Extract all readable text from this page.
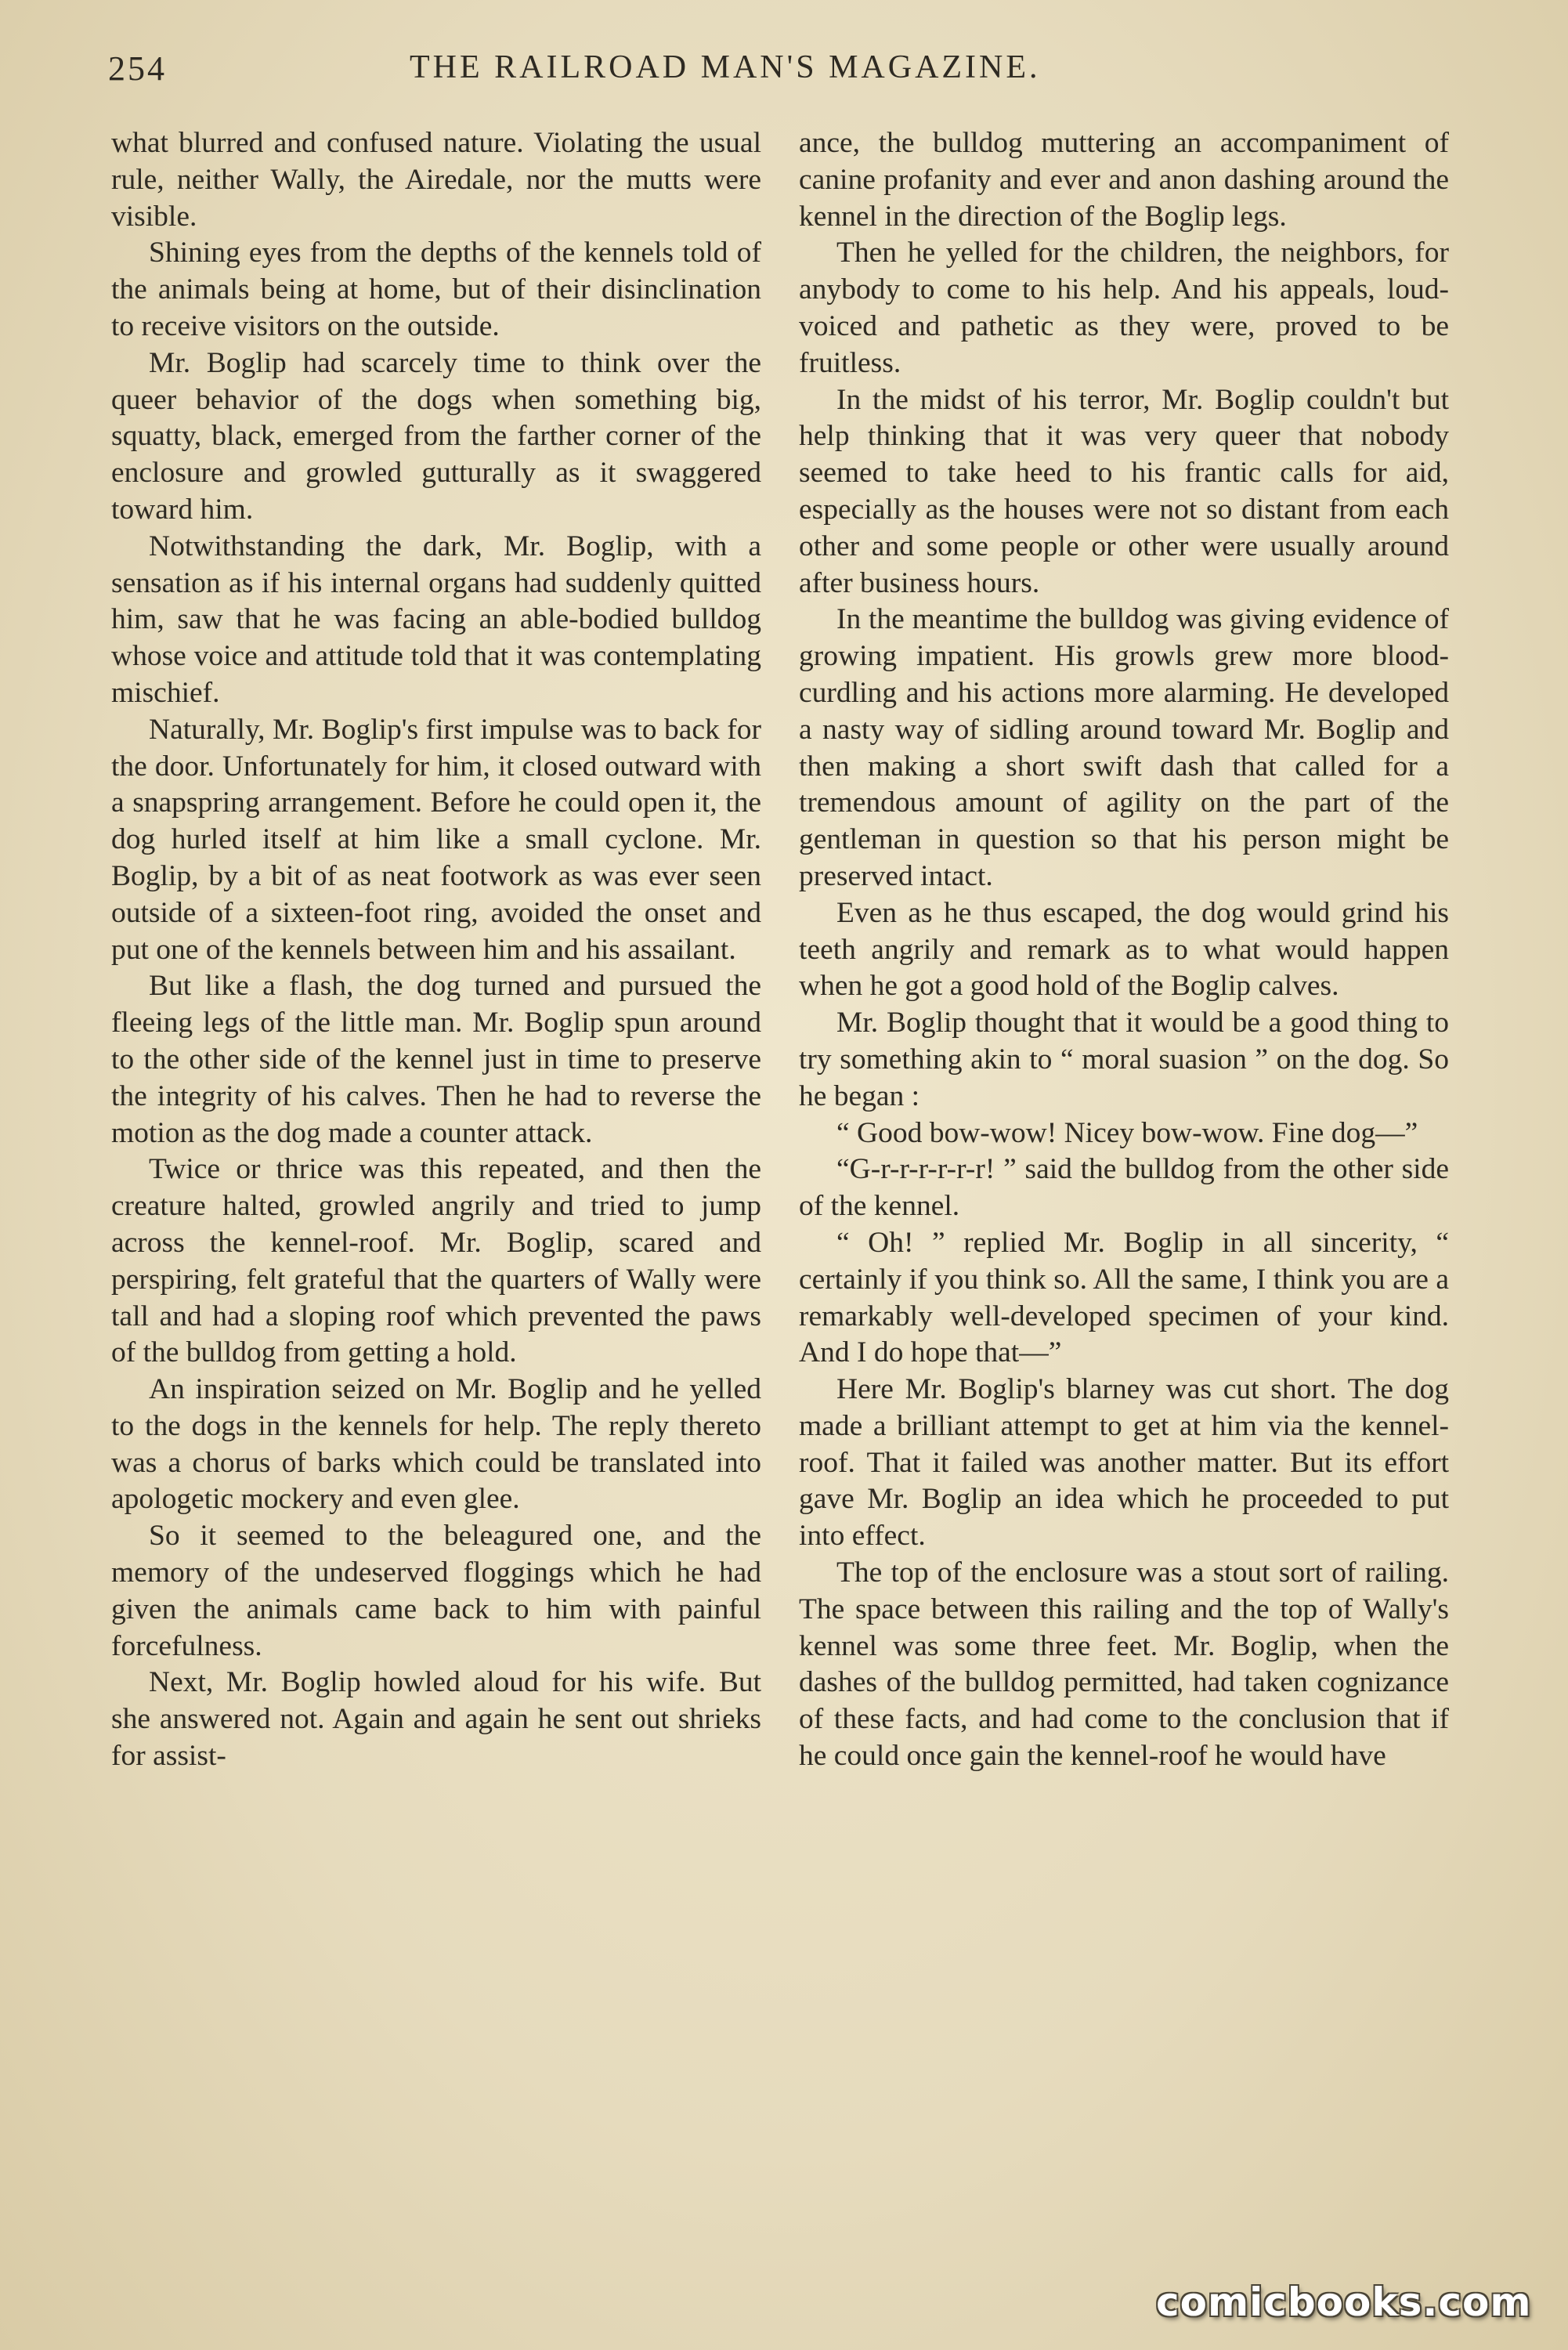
254	THE RAILROAD MAN'S MAGAZINE.

what blurred and confused nature. Violating the usual rule, neither Wally, the Airedale, nor the mutts were visible.

Shining eyes from the depths of the kennels told of the animals being at home, but of their disinclination to receive visitors on the outside.

Mr. Boglip had scarcely time to think over the queer behavior of the dogs when something big, squatty, black, emerged from the farther corner of the enclosure and growled gutturally as it swaggered toward him.

Notwithstanding the dark, Mr. Boglip, with a sensation as if his internal organs had suddenly quitted him, saw that he was facing an able-bodied bulldog whose voice and attitude told that it was contemplating mischief.

Naturally, Mr. Boglip's first impulse was to back for the door. Unfortunately for him, it closed outward with a snapspring arrangement. Before he could open it, the dog hurled itself at him like a small cyclone. Mr. Boglip, by a bit of as neat footwork as was ever seen outside of a sixteen-foot ring, avoided the onset and put one of the kennels between him and his assailant.

But like a flash, the dog turned and pursued the fleeing legs of the little man. Mr. Boglip spun around to the other side of the kennel just in time to preserve the integrity of his calves. Then he had to reverse the motion as the dog made a counter attack.

Twice or thrice was this repeated, and then the creature halted, growled angrily and tried to jump across the kennel-roof. Mr. Boglip, scared and perspiring, felt grateful that the quarters of Wally were tall and had a sloping roof which prevented the paws of the bulldog from getting a hold.

An inspiration seized on Mr. Boglip and he yelled to the dogs in the kennels for help. The reply thereto was a chorus of barks which could be translated into apologetic mockery and even glee.

So it seemed to the beleagured one, and the memory of the undeserved floggings which he had given the animals came back to him with painful forcefulness.

Next, Mr. Boglip howled aloud for his wife. But she answered not. Again and again he sent out shrieks for assist-

ance, the bulldog muttering an accompaniment of canine profanity and ever and anon dashing around the kennel in the direction of the Boglip legs.

Then he yelled for the children, the neighbors, for anybody to come to his help. And his appeals, loud-voiced and pathetic as they were, proved to be fruitless.

In the midst of his terror, Mr. Boglip couldn't but help thinking that it was very queer that nobody seemed to take heed to his frantic calls for aid, especially as the houses were not so distant from each other and some people or other were usually around after business hours.

In the meantime the bulldog was giving evidence of growing impatient. His growls grew more blood-curdling and his actions more alarming. He developed a nasty way of sidling around toward Mr. Boglip and then making a short swift dash that called for a tremendous amount of agility on the part of the gentleman in question so that his person might be preserved intact.

Even as he thus escaped, the dog would grind his teeth angrily and remark as to what would happen when he got a good hold of the Boglip calves.

Mr. Boglip thought that it would be a good thing to try something akin to “ moral suasion ” on the dog. So he began :

“ Good bow-wow! Nicey bow-wow. Fine dog—”

“G-r-r-r-r-r-r! ” said the bulldog from the other side of the kennel.

“ Oh! ” replied Mr. Boglip in all sincerity, “ certainly if you think so. All the same, I think you are a remarkably well-developed specimen of your kind. And I do hope that—”

Here Mr. Boglip's blarney was cut short. The dog made a brilliant attempt to get at him via the kennel-roof. That it failed was another matter. But its effort gave Mr. Boglip an idea which he proceeded to put into effect.

The top of the enclosure was a stout sort of railing. The space between this railing and the top of Wally's kennel was some three feet. Mr. Boglip, when the dashes of the bulldog permitted, had taken cognizance of these facts, and had come to the conclusion that if he could once gain the kennel-roof he would have

comicbooks.com
